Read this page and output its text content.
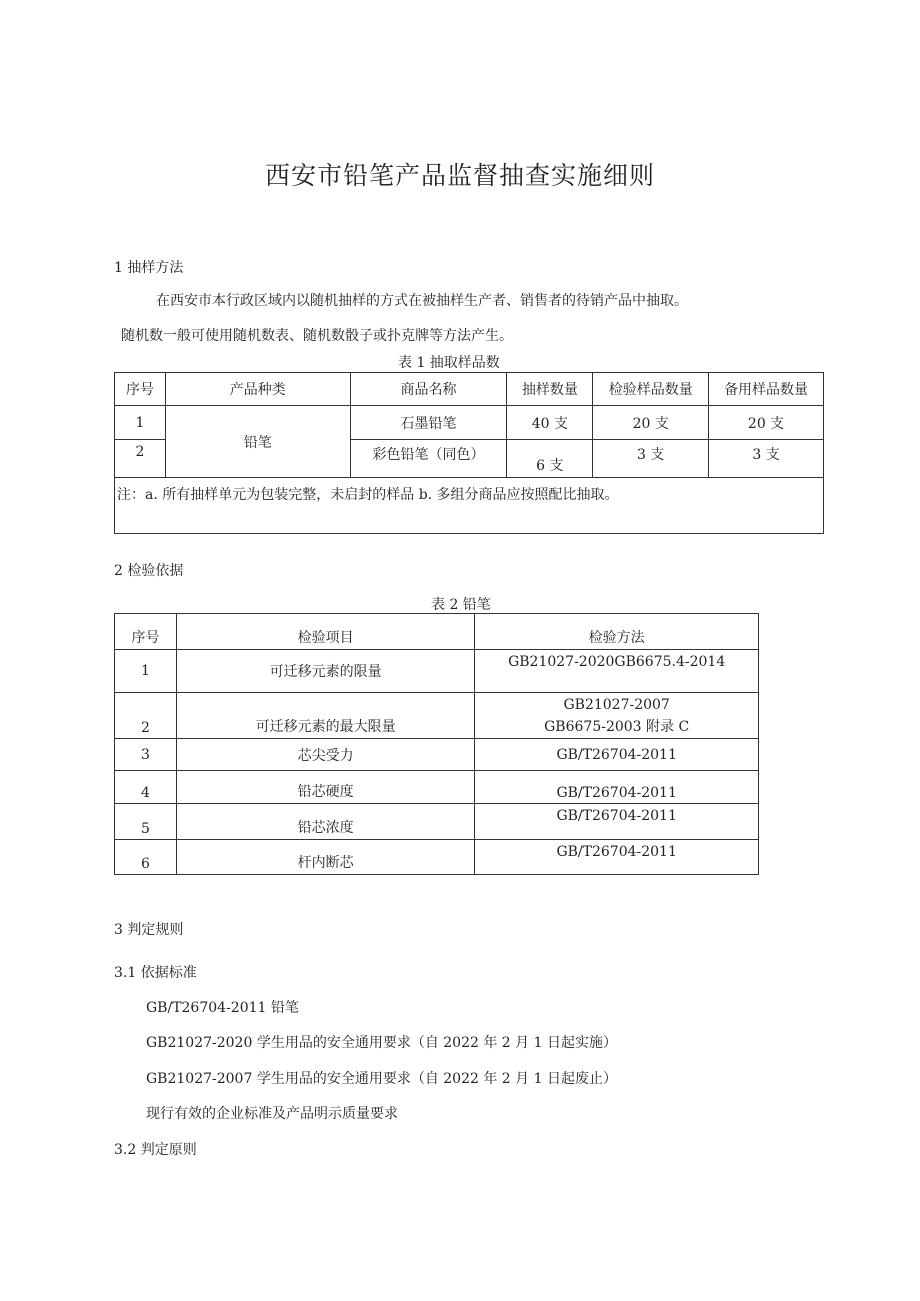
西安市铅笔产品监督抽查实施细则
1 抽样方法
在西安市本行政区域内以随机抽样的方式在被抽样生产者、销售者的待销产品中抽取。
随机数一般可使用随机数表、随机数骰子或扑克牌等方法产生。
表 1 抽取样品数
序号	产品种类	商品名称	抽样数量	检验样品数量	备用样品数量
1	铅笔	石墨铅笔	40 支	20 支	20 支
2		彩色铅笔（同色）	6 支	3 支	3 支
注：a. 所有抽样单元为包装完整，未启封的样品 b. 多组分商品应按照配比抽取。					
2 检验依据
表 2 铅笔
序号	检验项目	检验方法
1	可迁移元素的限量	GB21027-2020GB6675.4-2014
2	可迁移元素的最大限量	GB21027-2007
GB6675-2003 附录 C

3	芯尖受力	GB/T26704-2011
4	铅芯硬度	GB/T26704-2011
5	铅芯浓度	GB/T26704-2011
6	杆内断芯	GB/T26704-2011
3 判定规则
3.1 依据标准
GB/T26704-2011 铅笔
GB21027-2020 学生用品的安全通用要求（自 2022 年 2 月 1 日起实施）
GB21027-2007 学生用品的安全通用要求（自 2022 年 2 月 1 日起废止）
现行有效的企业标准及产品明示质量要求
3.2 判定原则
